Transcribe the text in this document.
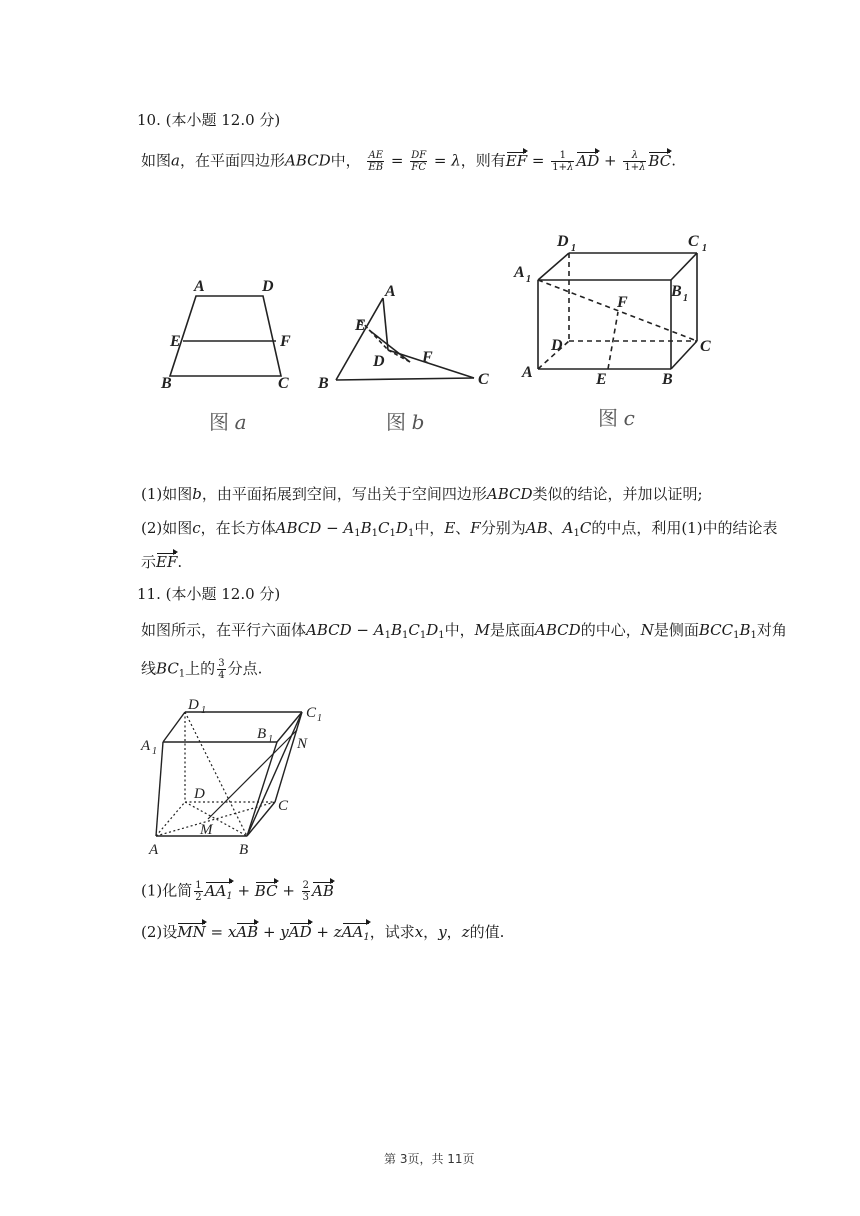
10. (本小题 12.0 分)
如图a，在平面四边形ABCD中， $\frac{AE}{EB} = \frac{DF}{FC} = \lambda$，则有EF = $\frac{1}{1+\lambda}$ AD + $\frac{\lambda}{1+\lambda}$ BC.
A	D
E	F
B	C
A
E
D F
B	C
D 1	C 1
A 1
B 1
F
D	C
A	E	B
图 a	图 b	图 c
(1)如图b，由平面拓展到空间，写出关于空间四边形ABCD类似的结论，并加以证明;
(2)如图c，在长方体ABCD − $A_1B_1C_1D_1$中，E、F分别为AB、$A_1C$的中点，利用(1)中的结论表
示EF.
11. (本小题 12.0 分)
如图所示，在平行六面体ABCD − $A_1B_1C_1D_1$中，M是底面ABCD的中心，N是侧面$BCC_1B_1$对角
线$BC_1$上的 $\frac{3}{4}$ 分点.
D 1	C 1
A 1
B 1 N
D
C
M
A	B
(1)化简 $\frac{1}{2} AA_1$ + BC + $\frac{2}{3}$ AB
(2)设MN = xAB + yAD + zAA$_1$，试求x，y，z的值.
第 3页，共 11页
